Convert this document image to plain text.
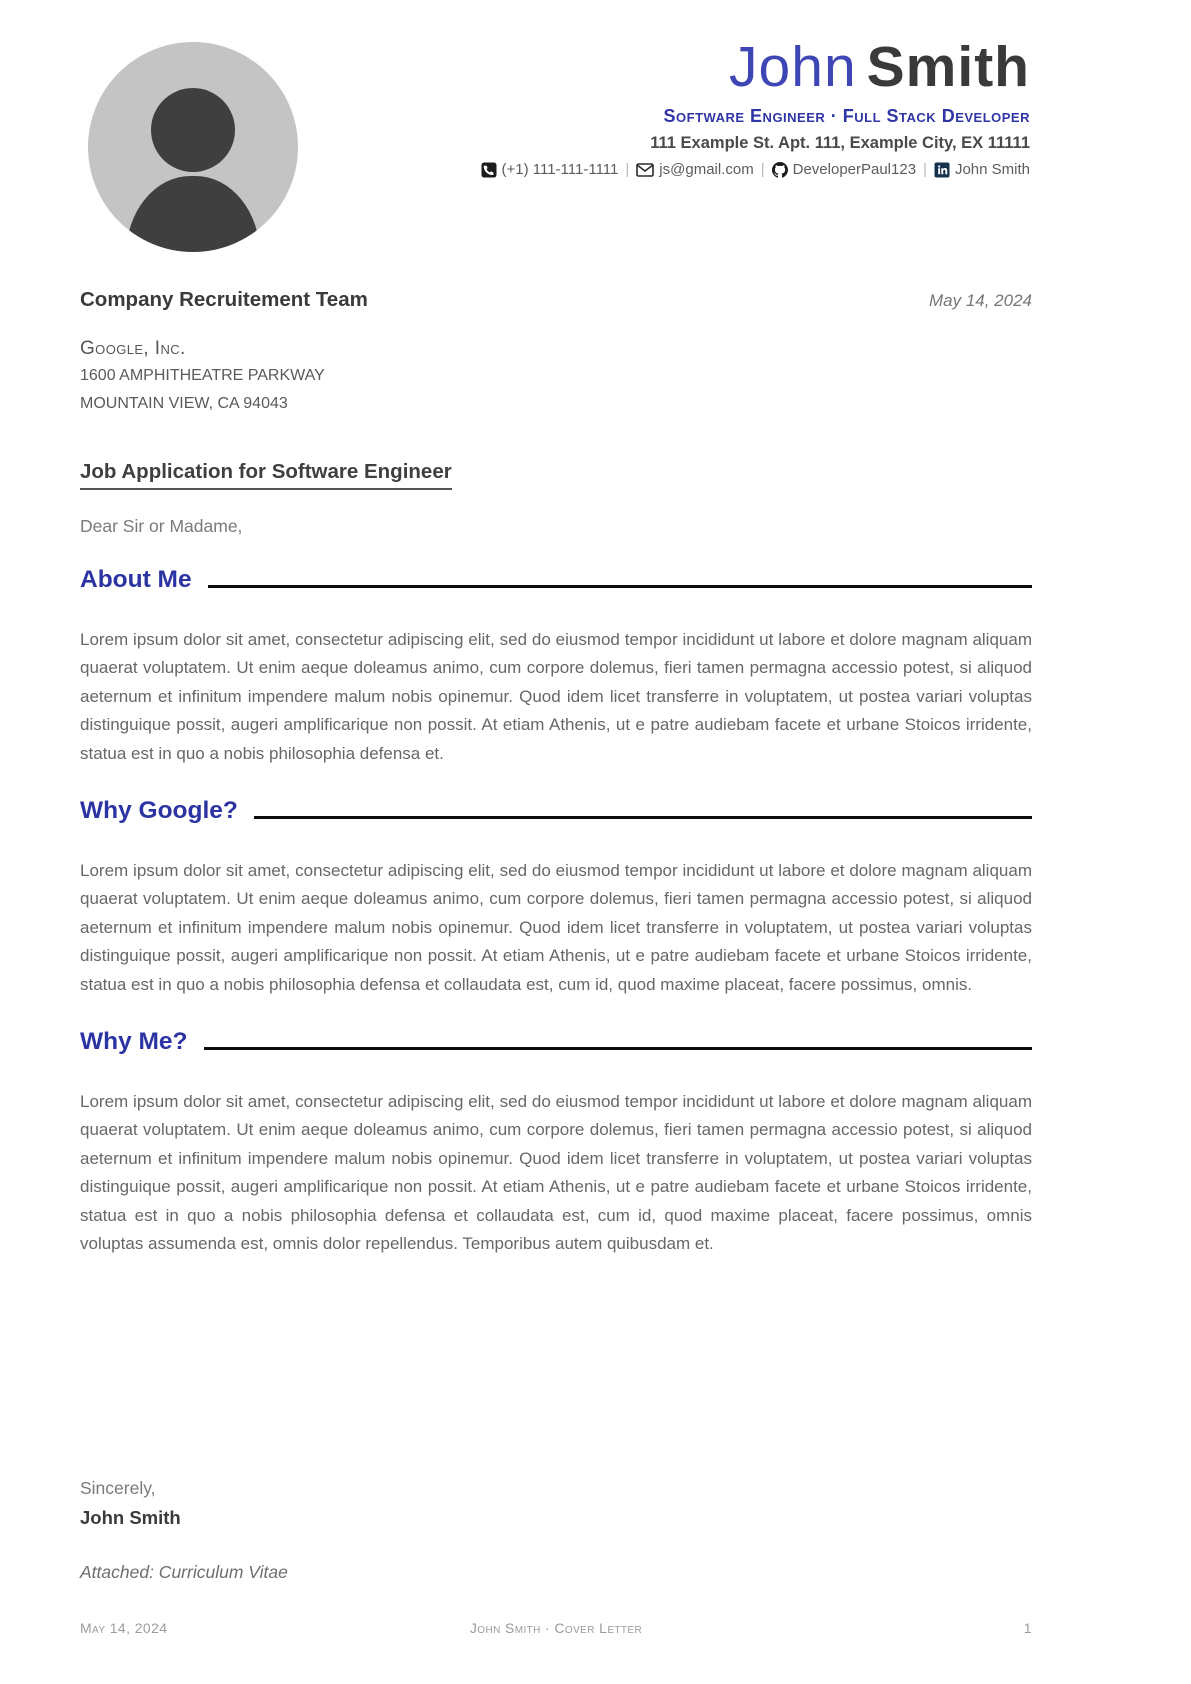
John Smith
Software Engineer · Full Stack Developer
111 Example St. Apt. 111, Example City, EX 11111
(+1) 111-111-1111 | js@gmail.com | DeveloperPaul123 | John Smith
Company Recruitement Team	May 14, 2024
Google, Inc.
1600 AMPHITHEATRE PARKWAY
MOUNTAIN VIEW, CA 94043
Job Application for Software Engineer
Dear Sir or Madame,
About Me

Lorem ipsum dolor sit amet, consectetur adipiscing elit, sed do eiusmod tempor incididunt ut labore et dolore magnam aliquam quaerat voluptatem. Ut enim aeque doleamus animo, cum corpore dolemus, fieri tamen permagna accessio potest, si aliquod aeternum et infinitum impendere malum nobis opinemur. Quod idem licet transferre in voluptatem, ut postea variari voluptas distinguique possit, augeri amplificarique non possit. At etiam Athenis, ut e patre audiebam facete et urbane Stoicos irridente, statua est in quo a nobis philosophia defensa et.

Why Google?

Lorem ipsum dolor sit amet, consectetur adipiscing elit, sed do eiusmod tempor incididunt ut labore et dolore magnam aliquam quaerat voluptatem. Ut enim aeque doleamus animo, cum corpore dolemus, fieri tamen permagna accessio potest, si aliquod aeternum et infinitum impendere malum nobis opinemur. Quod idem licet transferre in voluptatem, ut postea variari voluptas distinguique possit, augeri amplificarique non possit. At etiam Athenis, ut e patre audiebam facete et urbane Stoicos irridente, statua est in quo a nobis philosophia defensa et collaudata est, cum id, quod maxime placeat, facere possimus, omnis.

Why Me?

Lorem ipsum dolor sit amet, consectetur adipiscing elit, sed do eiusmod tempor incididunt ut labore et dolore magnam aliquam quaerat voluptatem. Ut enim aeque doleamus animo, cum corpore dolemus, fieri tamen permagna accessio potest, si aliquod aeternum et infinitum impendere malum nobis opinemur. Quod idem licet transferre in voluptatem, ut postea variari voluptas distinguique possit, augeri amplificarique non possit. At etiam Athenis, ut e patre audiebam facete et urbane Stoicos irridente, statua est in quo a nobis philosophia defensa et collaudata est, cum id, quod maxime placeat, facere possimus, omnis voluptas assumenda est, omnis dolor repellendus. Temporibus autem quibusdam et.

Sincerely,
John Smith
Attached: Curriculum Vitae
May 14, 2024	John Smith · Cover Letter	1
